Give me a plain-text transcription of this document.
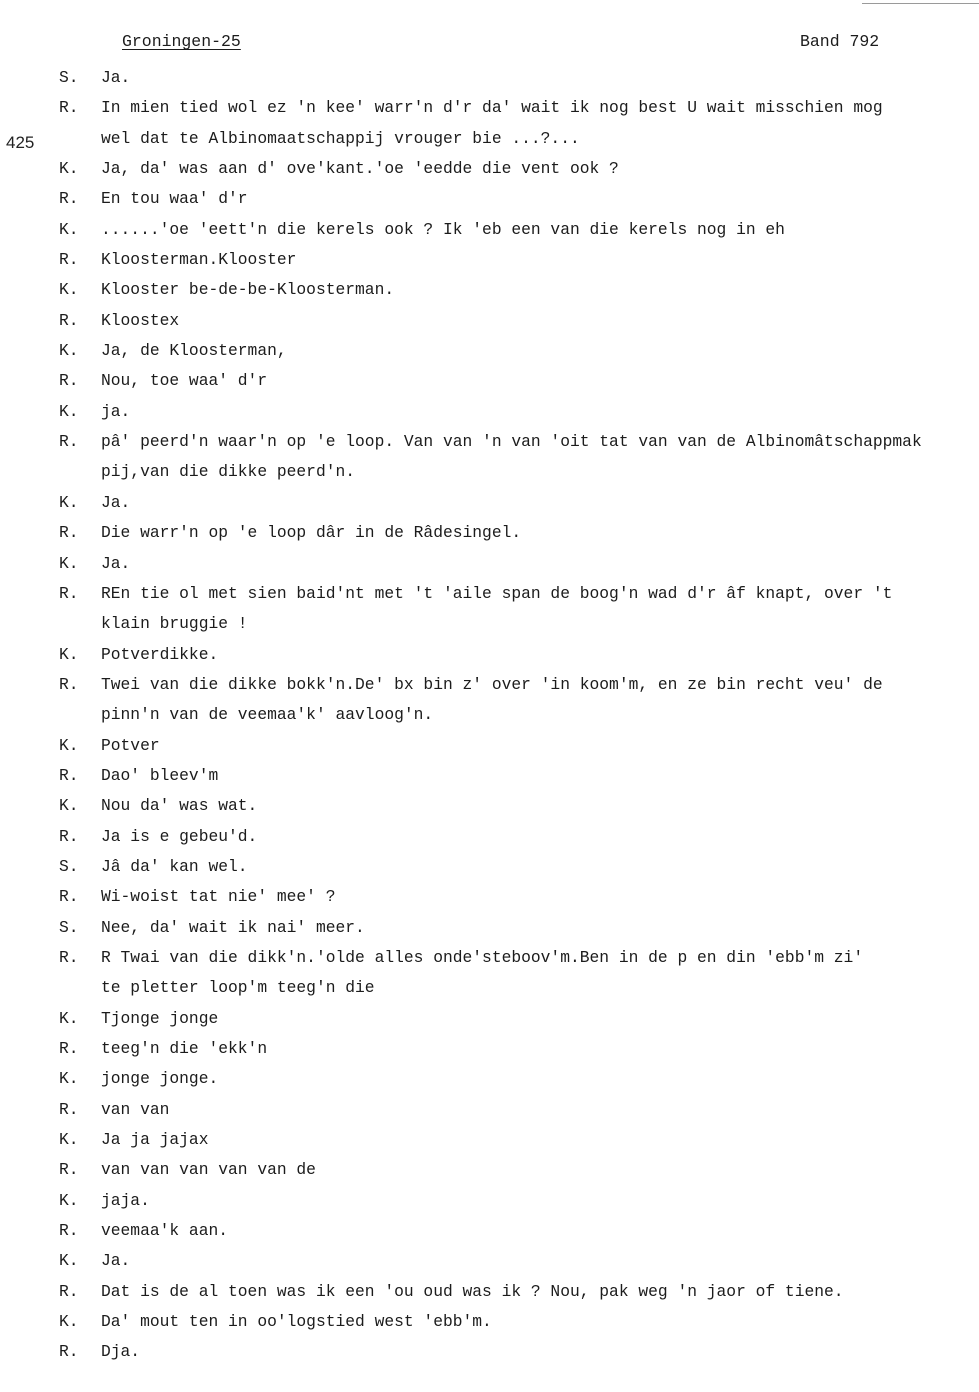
Groningen-25	Band 792
425
S. Ja.
R. In mien tied wol ez 'n kee' warr'n d'r da' wait ik nog best U wait misschien mog
wel dat te Albinomaatschappij vrouger bie ...?...
K. Ja, da' was aan d' ove'kant.'oe 'eedde die vent ook ?
R. En tou waa' d'r
K. ......'oe 'eett'n die kerels ook ? Ik 'eb een van die kerels nog in eh
R. Kloosterman.Klooster
K. Klooster be-de-be-Kloosterman.
R. Kloostex
K. Ja, de Kloosterman,
R. Nou, toe waa' d'r
K. ja.
R. pâ' peerd'n waar'n op 'e loop. Van van 'n van 'oit tat van van de Albinomâtschappmak
pij,van die dikke peerd'n.
K. Ja.
R. Die warr'n op 'e loop dâr in de Râdesingel.
K. Ja.
R. REn tie ol met sien baid'nt met 't 'aile span de boog'n wad d'r âf knapt, over 't
klain bruggie !
K. Potverdikke.
R. Twei van die dikke bokk'n.De' bx bin z' over 'in koom'm, en ze bin recht veu' de
pinn'n van de veemaa'k' aavloog'n.
K. Potver
R. Dao' bleev'm
K. Nou da' was wat.
R. Ja is e gebeu'd.
S. Jâ da' kan wel.
R. Wi-woist tat nie' mee' ?
S. Nee, da' wait ik nai' meer.
R. R Twai van die dikk'n.'olde alles onde'steboov'm.Ben in de p en din 'ebb'm zi'
te pletter loop'm teeg'n die
K. Tjonge jonge
R. teeg'n die 'ekk'n
K. jonge jonge.
R. van van
K. Ja ja jajax
R. van van van van van de
K. jaja.
R. veemaa'k aan.
K. Ja.
R. Dat is de al toen was ik een 'ou oud was ik ? Nou, pak weg 'n jaor of tiene.
K. Da' mout ten in oo'logstied west 'ebb'm.
R. Dja.
